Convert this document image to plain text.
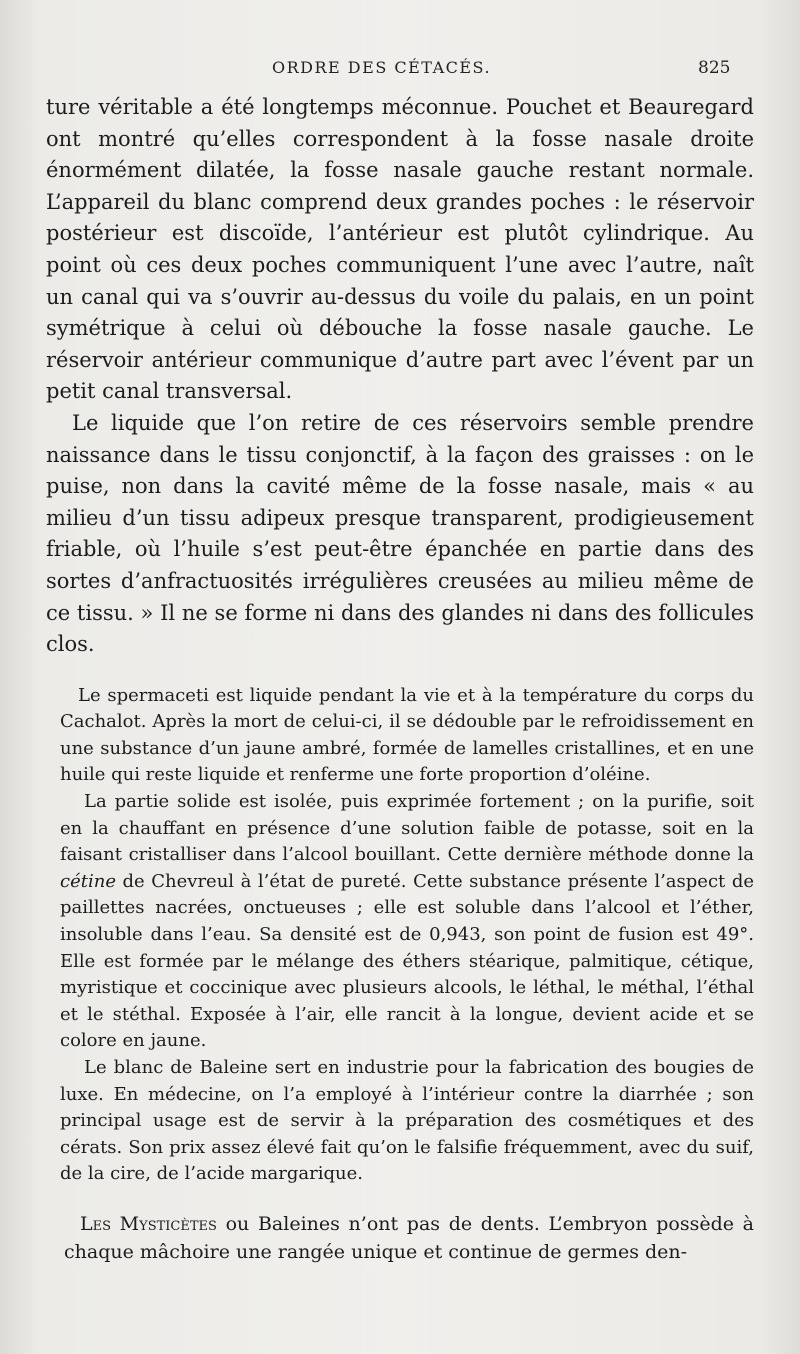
ORDRE DES CÉTACÉS.	825

ture véritable a été longtemps méconnue. Pouchet et Beauregard ont montré qu’elles correspondent à la fosse nasale droite énormément dilatée, la fosse nasale gauche restant normale. L’appareil du blanc comprend deux grandes poches : le réservoir postérieur est discoïde, l’antérieur est plutôt cylindrique. Au point où ces deux poches communiquent l’une avec l’autre, naît un canal qui va s’ouvrir au-dessus du voile du palais, en un point symétrique à celui où débouche la fosse nasale gauche. Le réservoir antérieur communique d’autre part avec l’évent par un petit canal transversal.

Le liquide que l’on retire de ces réservoirs semble prendre naissance dans le tissu conjonctif, à la façon des graisses : on le puise, non dans la cavité même de la fosse nasale, mais « au milieu d’un tissu adipeux presque transparent, prodigieusement friable, où l’huile s’est peut-être épanchée en partie dans des sortes d’anfractuosités irrégulières creusées au milieu même de ce tissu. » Il ne se forme ni dans des glandes ni dans des follicules clos.

Le spermaceti est liquide pendant la vie et à la température du corps du Cachalot. Après la mort de celui-ci, il se dédouble par le refroidissement en une substance d’un jaune ambré, formée de lamelles cristallines, et en une huile qui reste liquide et renferme une forte proportion d’oléine.

La partie solide est isolée, puis exprimée fortement ; on la purifie, soit en la chauffant en présence d’une solution faible de potasse, soit en la faisant cristalliser dans l’alcool bouillant. Cette dernière méthode donne la cétine de Chevreul à l’état de pureté. Cette substance présente l’aspect de paillettes nacrées, onctueuses ; elle est soluble dans l’alcool et l’éther, insoluble dans l’eau. Sa densité est de 0,943, son point de fusion est 49°. Elle est formée par le mélange des éthers stéarique, palmitique, cétique, myristique et coccinique avec plusieurs alcools, le léthal, le méthal, l’éthal et le stéthal. Exposée à l’air, elle rancit à la longue, devient acide et se colore en jaune.

Le blanc de Baleine sert en industrie pour la fabrication des bougies de luxe. En médecine, on l’a employé à l’intérieur contre la diarrhée ; son principal usage est de servir à la préparation des cosmétiques et des cérats. Son prix assez élevé fait qu’on le falsifie fréquemment, avec du suif, de la cire, de l’acide margarique.

Les Mysticètes ou Baleines n’ont pas de dents. L’embryon possède à chaque mâchoire une rangée unique et continue de germes den-
